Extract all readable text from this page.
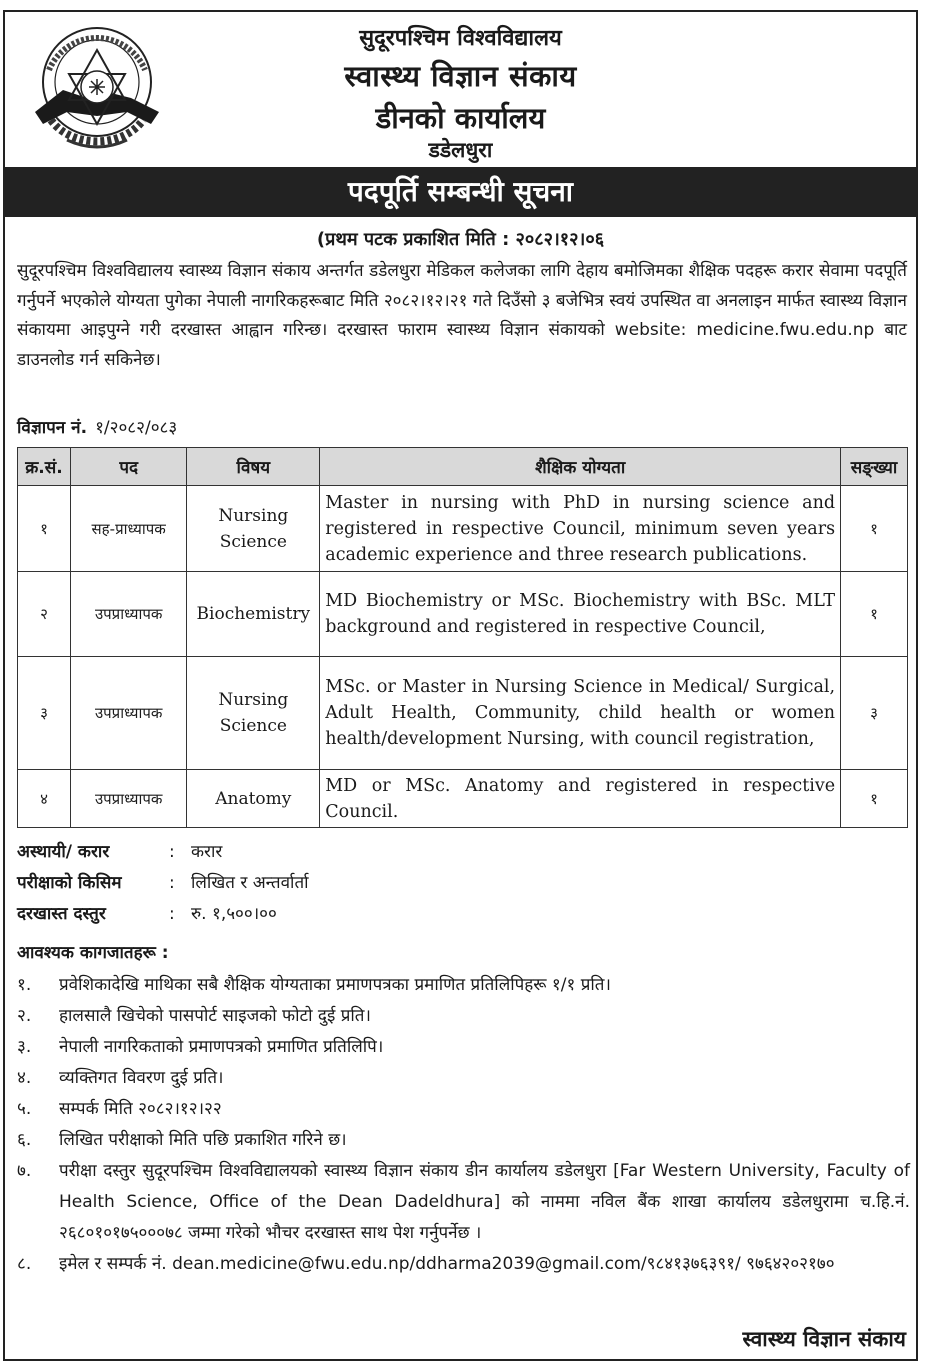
सुदूरपश्चिम विश्वविद्यालय
स्वास्थ्य विज्ञान संकाय
डीनको कार्यालय
डडेलधुरा
पदपूर्ति सम्बन्धी सूचना
(प्रथम पटक प्रकाशित मिति : २०८२।१२।०६
सुदूरपश्चिम विश्वविद्यालय स्वास्थ्य विज्ञान संकाय अन्तर्गत डडेलधुरा मेडिकल कलेजका लागि देहाय बमोजिमका शैक्षिक पदहरू करार सेवामा पदपूर्ति गर्नुपर्ने भएकोले योग्यता पुगेका नेपाली नागरिकहरूबाट मिति २०८२।१२।२१ गते दिउँसो ३ बजेभित्र स्वयं उपस्थित वा अनलाइन मार्फत स्वास्थ्य विज्ञान संकायमा आइपुग्ने गरी दरखास्त आह्वान गरिन्छ। दरखास्त फाराम स्वास्थ्य विज्ञान संकायको website: medicine.fwu.edu.np बाट डाउनलोड गर्न सकिनेछ।
विज्ञापन नं. १/२०८२/०८३
क्र.सं.	पद	विषय	शैक्षिक योग्यता	सङ्ख्या
१	सह-प्राध्यापक	Nursing Science	Master in nursing with PhD in nursing science and registered in respective Council, minimum seven years academic experience and three research publications.	१
२	उपप्राध्यापक	Biochemistry	MD Biochemistry or MSc. Biochemistry with BSc. MLT background and registered in respective Council,	१
३	उपप्राध्यापक	Nursing Science	MSc. or Master in Nursing Science in Medical/ Surgical, Adult Health, Community, child health or women health/development Nursing, with council registration,	३
४	उपप्राध्यापक	Anatomy	MD or MSc. Anatomy and registered in respective Council.	१
अस्थायी/ करार	: करार
परीक्षाको किसिम	: लिखित र अन्तर्वार्ता
दरखास्त दस्तुर	: रु. १,५००।००
आवश्यक कागजातहरू :
१.	प्रवेशिकादेखि माथिका सबै शैक्षिक योग्यताका प्रमाणपत्रका प्रमाणित प्रतिलिपिहरू १/१ प्रति।
२.	हालसालै खिचेको पासपोर्ट साइजको फोटो दुई प्रति।
३.	नेपाली नागरिकताको प्रमाणपत्रको प्रमाणित प्रतिलिपि।
४.	व्यक्तिगत विवरण दुई प्रति।
५.	सम्पर्क मिति २०८२।१२।२२
६.	लिखित परीक्षाको मिति पछि प्रकाशित गरिने छ।
७.	परीक्षा दस्तुर सुदूरपश्चिम विश्वविद्यालयको स्वास्थ्य विज्ञान संकाय डीन कार्यालय डडेलधुरा [Far Western University, Faculty of Health Science, Office of the Dean Dadeldhura] को नाममा नविल बैंक शाखा कार्यालय डडेलधुरामा च.हि.नं. २६८०१०१७५०००७८ जम्मा गरेको भौचर दरखास्त साथ पेश गर्नुपर्नेछ ।
८.	इमेल र सम्पर्क नं. dean.medicine@fwu.edu.np/ddharma2039@gmail.com/९८४१३७६३९१/ ९७६४२०२१७०
स्वास्थ्य विज्ञान संकाय
